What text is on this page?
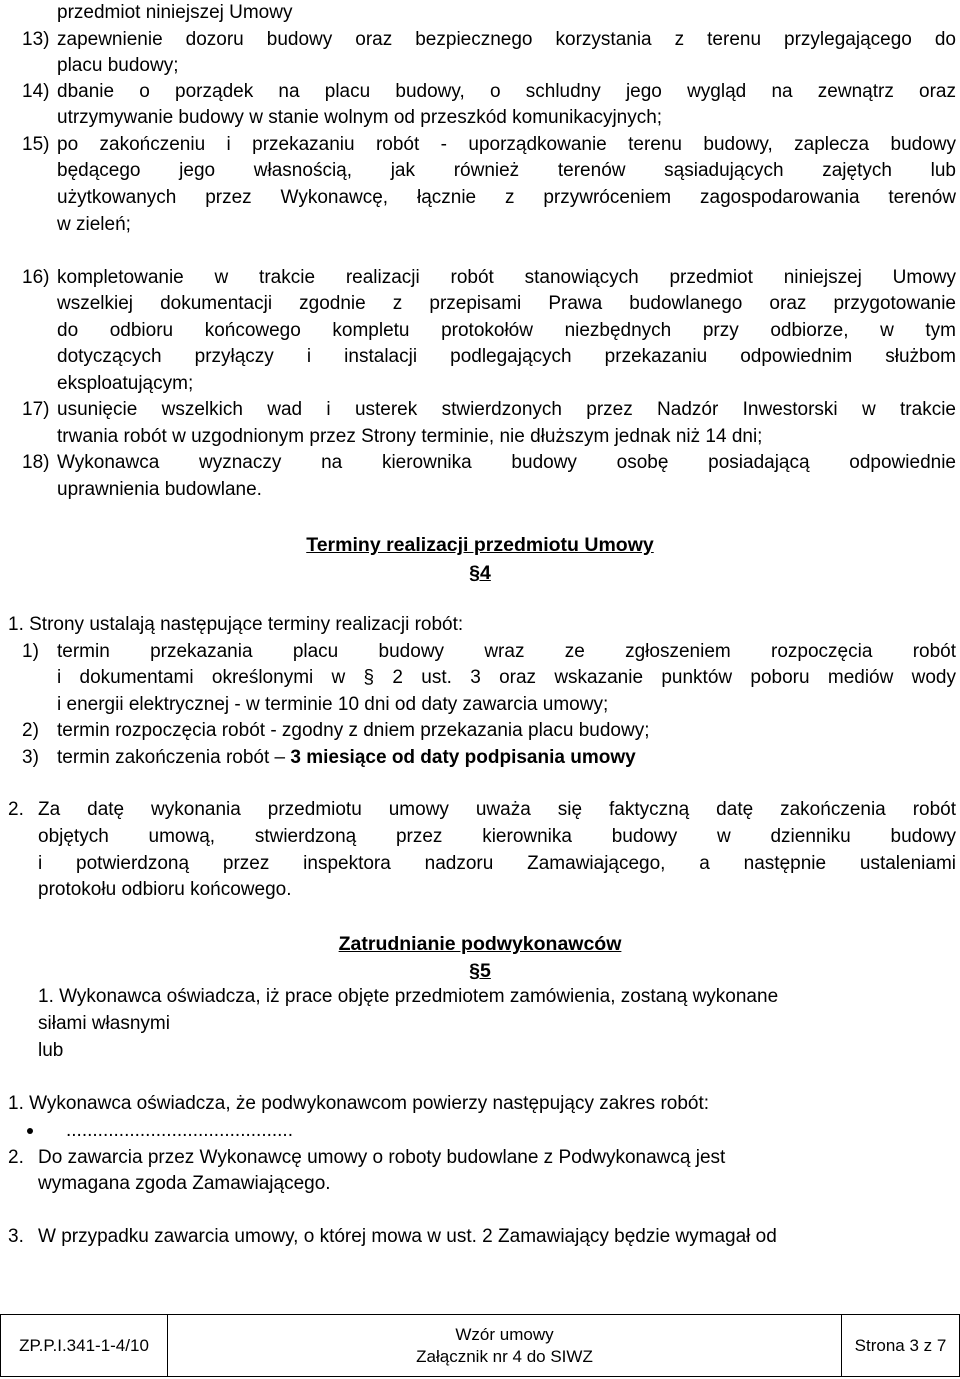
przedmiot niniejszej Umowy
13) zapewnienie dozoru budowy oraz bezpiecznego korzystania z terenu przylegającego do
placu budowy;
14) dbanie o porządek na placu budowy, o schludny jego wygląd na zewnątrz oraz
utrzymywanie budowy w stanie wolnym od przeszkód komunikacyjnych;
15) po zakończeniu i przekazaniu robót - uporządkowanie terenu budowy, zaplecza budowy
będącego jego własnością, jak również terenów sąsiadujących zajętych lub
użytkowanych przez Wykonawcę, łącznie z przywróceniem zagospodarowania terenów
w zieleń;
16) kompletowanie w trakcie realizacji robót stanowiących przedmiot niniejszej Umowy
wszelkiej dokumentacji zgodnie z przepisami Prawa budowlanego oraz przygotowanie
do odbioru końcowego kompletu protokołów niezbędnych przy odbiorze, w tym
dotyczących przyłączy i instalacji podlegających przekazaniu odpowiednim służbom
eksploatującym;
17) usunięcie wszelkich wad i usterek stwierdzonych przez Nadzór Inwestorski w trakcie
trwania robót w uzgodnionym przez Strony terminie, nie dłuższym jednak niż 14 dni;
18) Wykonawca wyznaczy na kierownika budowy osobę posiadającą odpowiednie
uprawnienia budowlane.
Terminy realizacji przedmiotu Umowy
§4
1. Strony ustalają następujące terminy realizacji robót:
1) termin przekazania placu budowy wraz ze zgłoszeniem rozpoczęcia robót
i dokumentami określonymi w § 2 ust. 3 oraz wskazanie punktów poboru mediów wody
i energii elektrycznej - w terminie 10 dni od daty zawarcia umowy;
2) termin rozpoczęcia robót - zgodny z dniem przekazania placu budowy;
3) termin zakończenia robót – 3 miesiące od daty podpisania umowy
2. Za datę wykonania przedmiotu umowy uważa się faktyczną datę zakończenia robót
objętych umową, stwierdzoną przez kierownika budowy w dzienniku budowy
i potwierdzoną przez inspektora nadzoru Zamawiającego, a następnie ustaleniami
protokołu odbioru końcowego.
Zatrudnianie podwykonawców
§5
1. Wykonawca oświadcza, iż prace objęte przedmiotem zamówienia, zostaną wykonane
siłami własnymi
lub
1. Wykonawca oświadcza, że podwykonawcom powierzy następujący zakres robót:
...........................................
2. Do zawarcia przez Wykonawcę umowy o roboty budowlane z Podwykonawcą jest
wymagana zgoda Zamawiającego.
3. W przypadku zawarcia umowy, o której mowa w ust. 2 Zamawiający będzie wymagał od
ZP.P.I.341-1-4/10
Wzór umowy
Załącznik nr 4 do SIWZ
Strona 3 z 7
